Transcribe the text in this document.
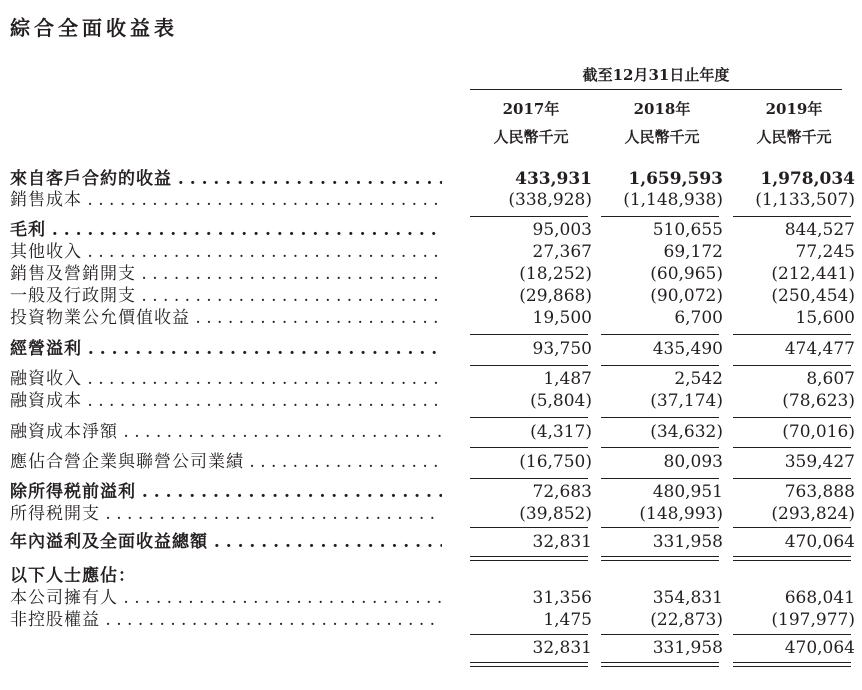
綜合全面收益表
截至12月31日止年度
2017年	2018年	2019年
人民幣千元	人民幣千元	人民幣千元
來自客戶合約的收益 . . .	433,931	1,659,593	1,978,034
銷售成本 . . .	(338,928)	(1,148,938)	(1,133,507)
毛利 . . .	95,003	510,655	844,527
其他收入 . . .	27,367	69,172	77,245
銷售及營銷開支 . . .	(18,252)	(60,965)	(212,441)
一般及行政開支 . . .	(29,868)	(90,072)	(250,454)
投資物業公允價值收益 . . .	19,500	6,700	15,600
經營溢利 . . .	93,750	435,490	474,477
融資收入 . . .	1,487	2,542	8,607
融資成本 . . .	(5,804)	(37,174)	(78,623)
融資成本淨額 . . .	(4,317)	(34,632)	(70,016)
應佔合營企業與聯營公司業績 . . .	(16,750)	80,093	359,427
除所得税前溢利 . . .	72,683	480,951	763,888
所得税開支 . . .	(39,852)	(148,993)	(293,824)
年內溢利及全面收益總額 . . .	32,831	331,958	470,064
以下人士應佔：
本公司擁有人 . . .	31,356	354,831	668,041
非控股權益 . . .	1,475	(22,873)	(197,977)
32,831	331,958	470,064
